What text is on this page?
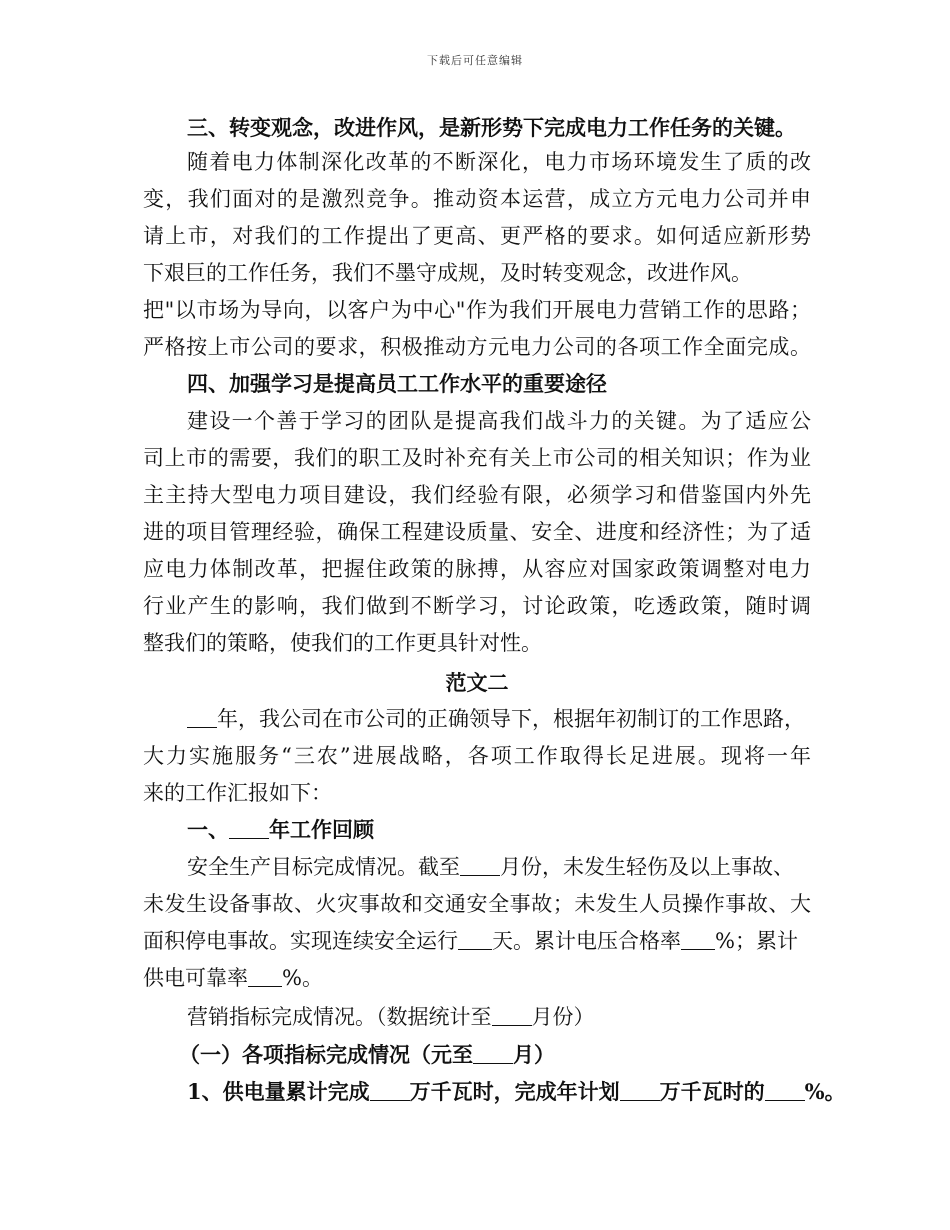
下载后可任意编辑
三、转变观念，改进作风，是新形势下完成电力工作任务的关键。
随着电力体制深化改革的不断深化，电力市场环境发生了质的改
变，我们面对的是激烈竞争。推动资本运营，成立方元电力公司并申
请上市，对我们的工作提出了更高、更严格的要求。如何适应新形势
下艰巨的工作任务，我们不墨守成规，及时转变观念，改进作风。
把"以市场为导向，以客户为中心"作为我们开展电力营销工作的思路；
严格按上市公司的要求，积极推动方元电力公司的各项工作全面完成。
四、加强学习是提高员工工作水平的重要途径
建设一个善于学习的团队是提高我们战斗力的关键。为了适应公
司上市的需要，我们的职工及时补充有关上市公司的相关知识；作为业
主主持大型电力项目建设，我们经验有限，必须学习和借鉴国内外先
进的项目管理经验，确保工程建设质量、安全、进度和经济性；为了适
应电力体制改革，把握住政策的脉搏，从容应对国家政策调整对电力
行业产生的影响，我们做到不断学习，讨论政策，吃透政策，随时调
整我们的策略，使我们的工作更具针对性。
范文二
年，我公司在市公司的正确领导下，根据年初制订的工作思路，
大力实施服务“三农”进展战略，各项工作取得长足进展。现将一年
来的工作汇报如下：
一、 年工作回顾
安全生产目标完成情况。截至 月份，未发生轻伤及以上事故、
未发生设备事故、火灾事故和交通安全事故；未发生人员操作事故、大
面积停电事故。实现连续安全运行 天。累计电压合格率 %；累计
供电可靠率 %。
营销指标完成情况。（数据统计至 月份）
（一）各项指标完成情况（元至 月）
1、供电量累计完成 万千瓦时，完成年计划 万千瓦时的 %。
